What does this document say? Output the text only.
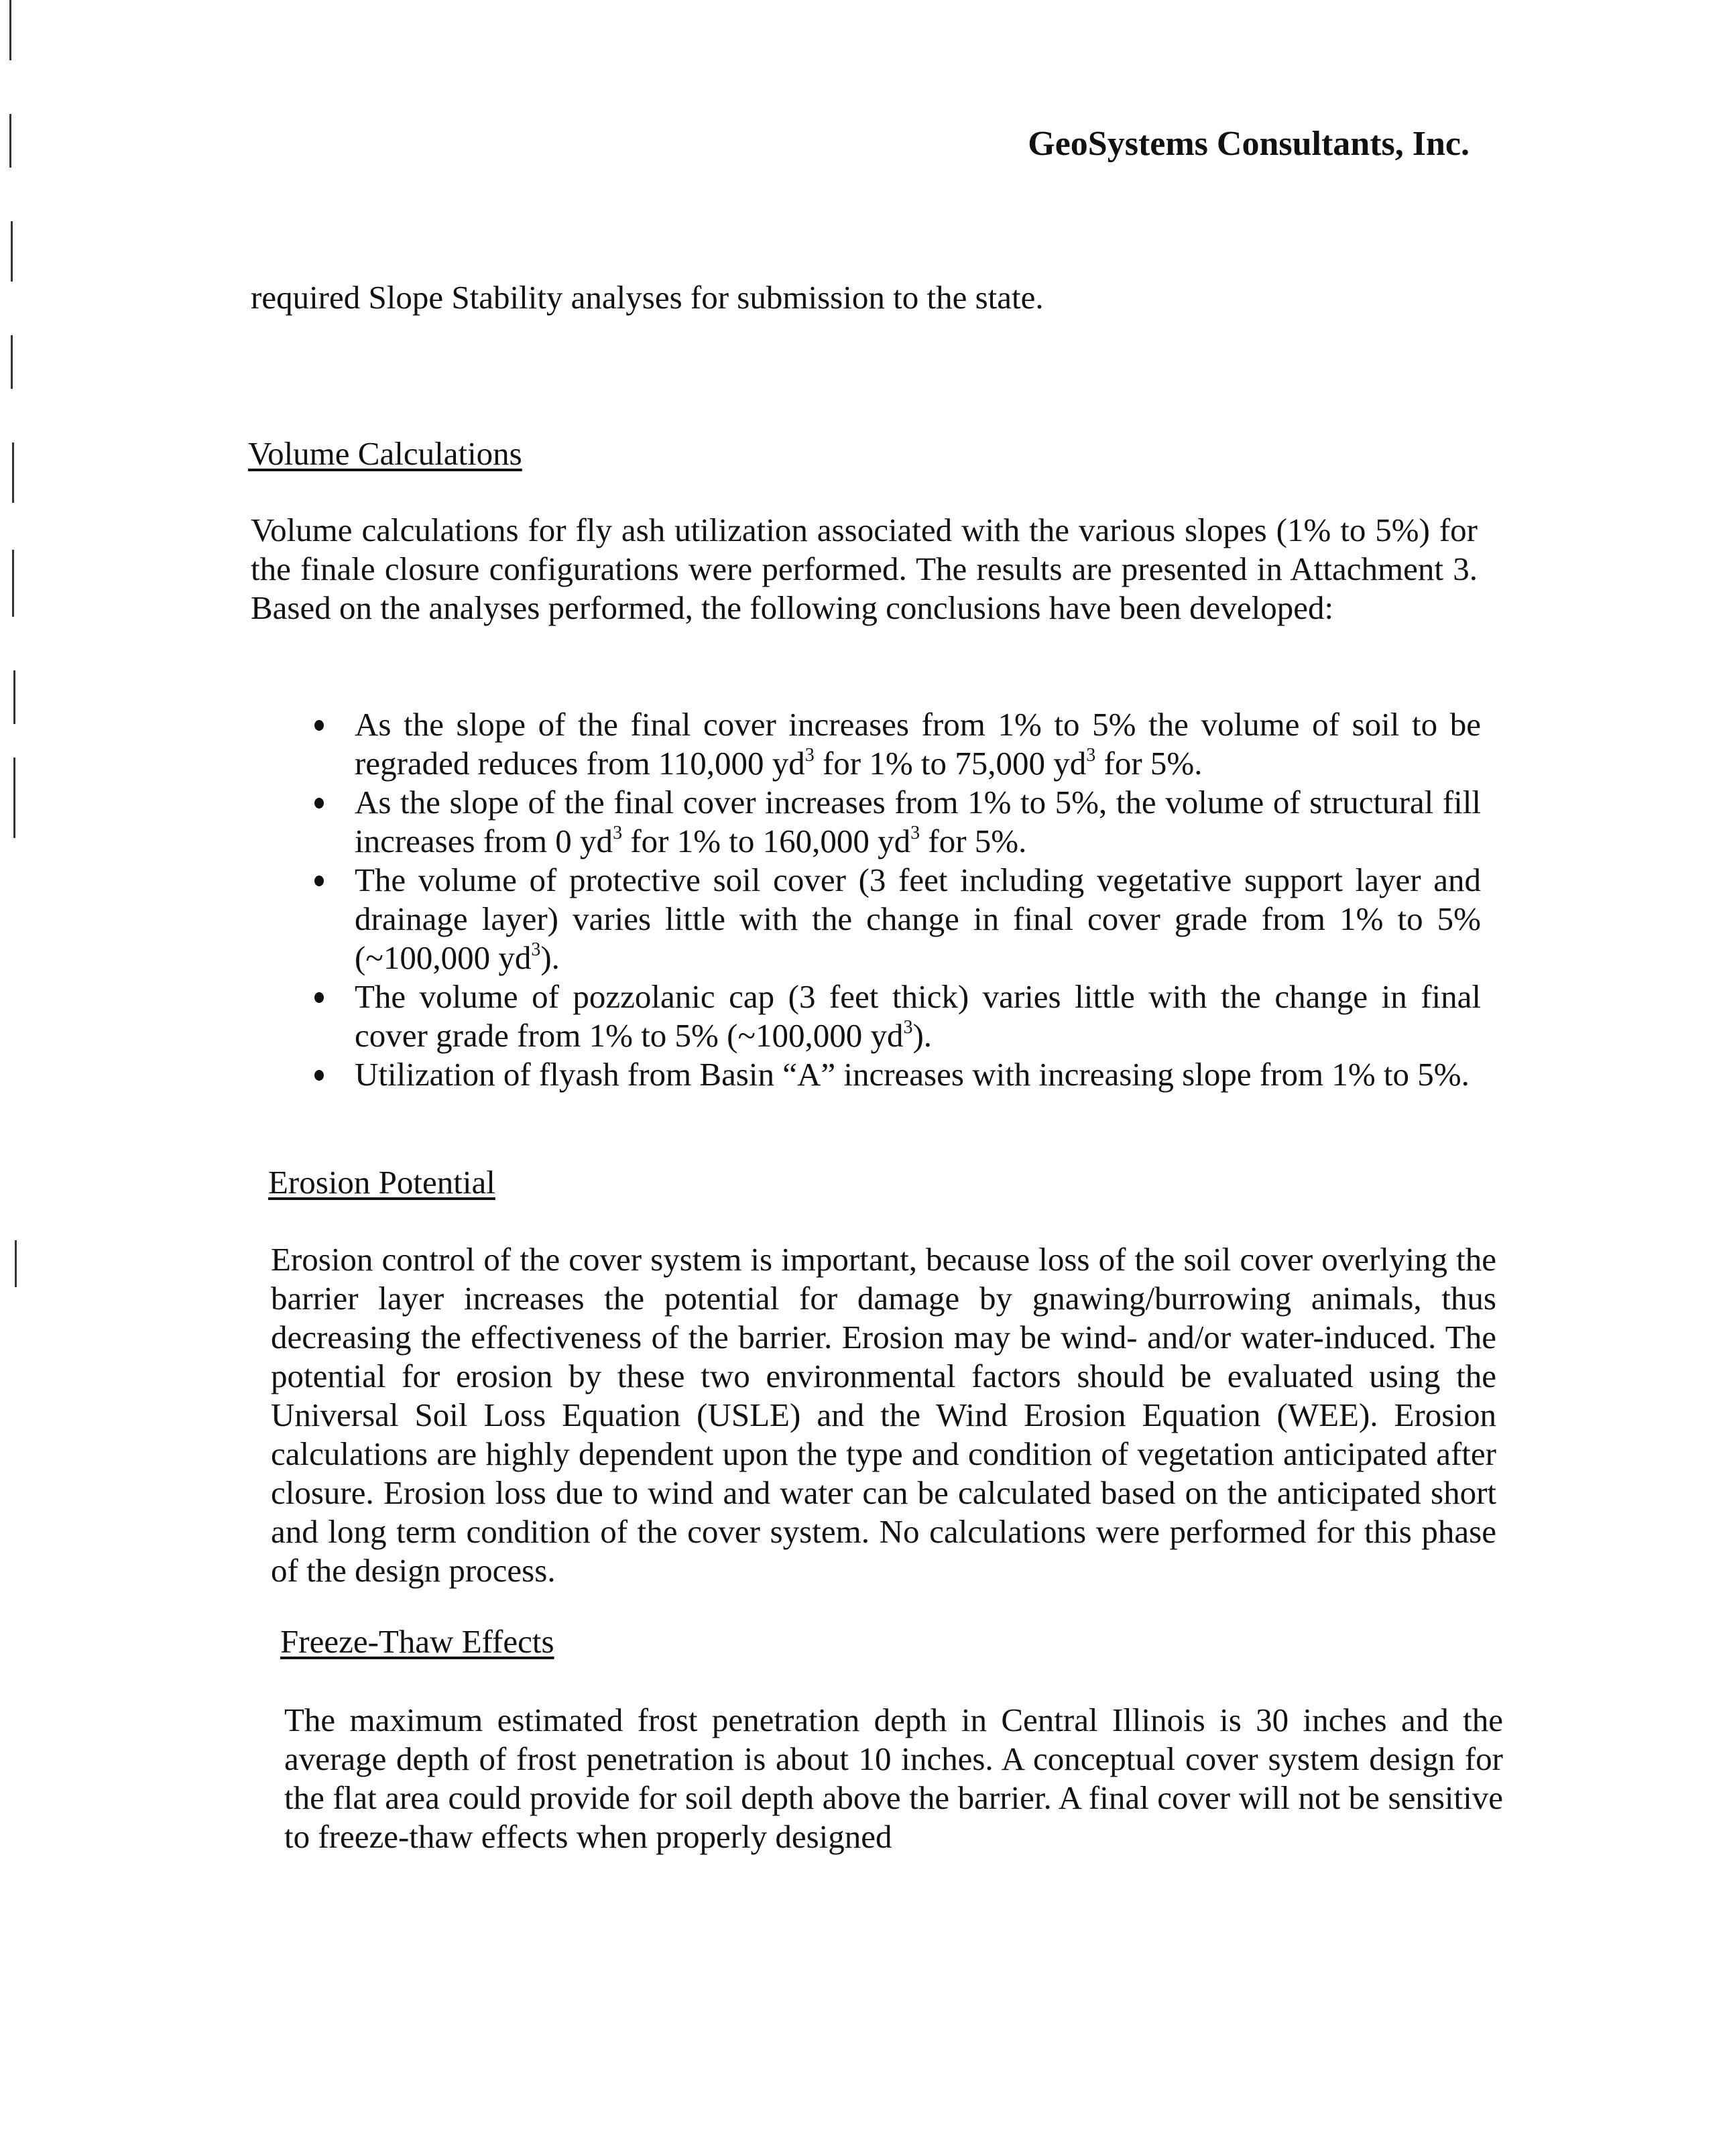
GeoSystems Consultants, Inc.
required Slope Stability analyses for submission to the state.
Volume Calculations
Volume calculations for fly ash utilization associated with the various slopes (1% to 5%) for the finale closure configurations were performed. The results are presented in Attachment 3. Based on the analyses performed, the following conclusions have been developed:
As the slope of the final cover increases from 1% to 5% the volume of soil to be regraded reduces from 110,000 $yd^3$ for 1% to 75,000 $yd^3$ for 5%.
As the slope of the final cover increases from 1% to 5%, the volume of structural fill increases from 0 $yd^3$ for 1% to 160,000 $yd^3$ for 5%.
The volume of protective soil cover (3 feet including vegetative support layer and drainage layer) varies little with the change in final cover grade from 1% to 5% (~100,000 $yd^3$).
The volume of pozzolanic cap (3 feet thick) varies little with the change in final cover grade from 1% to 5% (~100,000 $yd^3$).
Utilization of flyash from Basin “A” increases with increasing slope from 1% to 5%.
Erosion Potential
Erosion control of the cover system is important, because loss of the soil cover overlying the barrier layer increases the potential for damage by gnawing/burrowing animals, thus decreasing the effectiveness of the barrier. Erosion may be wind- and/or water-induced. The potential for erosion by these two environmental factors should be evaluated using the Universal Soil Loss Equation (USLE) and the Wind Erosion Equation (WEE). Erosion calculations are highly dependent upon the type and condition of vegetation anticipated after closure. Erosion loss due to wind and water can be calculated based on the anticipated short and long term condition of the cover system. No calculations were performed for this phase of the design process.
Freeze-Thaw Effects
The maximum estimated frost penetration depth in Central Illinois is 30 inches and the average depth of frost penetration is about 10 inches. A conceptual cover system design for the flat area could provide for soil depth above the barrier. A final cover will not be sensitive to freeze-thaw effects when properly designed
